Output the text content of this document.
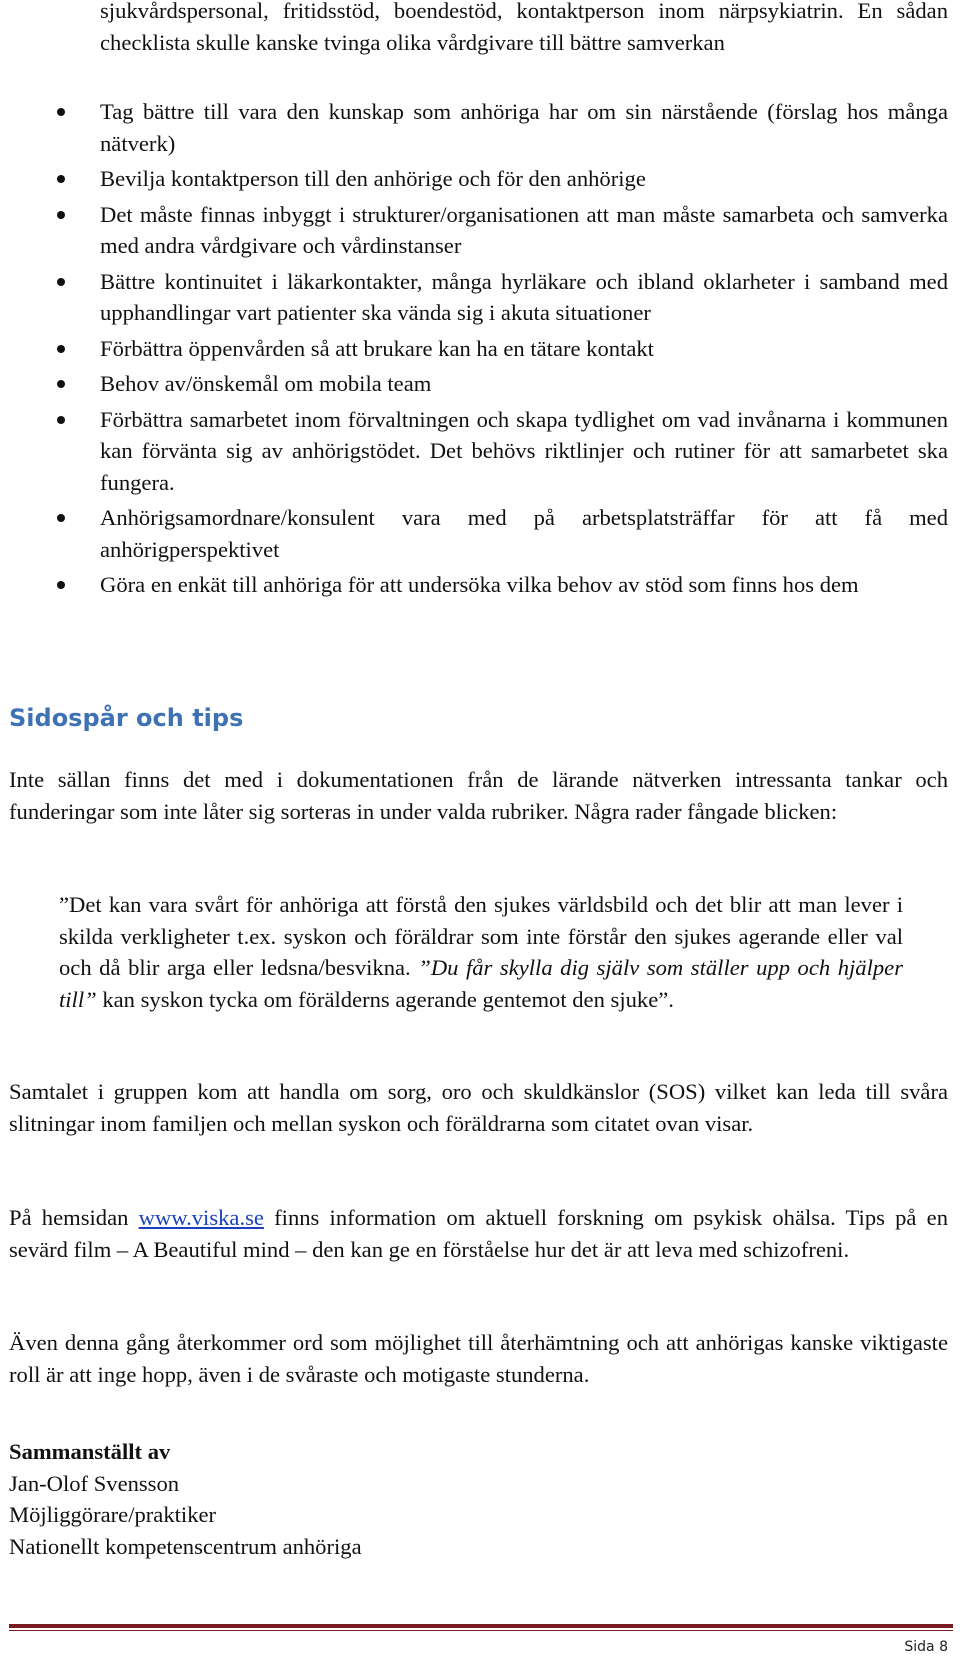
sjukvårdspersonal, fritidsstöd, boendestöd, kontaktperson inom närpsykiatrin. En sådan checklista skulle kanske tvinga olika vårdgivare till bättre samverkan

Tag bättre till vara den kunskap som anhöriga har om sin närstående (förslag hos många nätverk)
Bevilja kontaktperson till den anhörige och för den anhörige
Det måste finnas inbyggt i strukturer/organisationen att man måste samarbeta och samverka med andra vårdgivare och vårdinstanser
Bättre kontinuitet i läkarkontakter, många hyrläkare och ibland oklarheter i samband med upphandlingar vart patienter ska vända sig i akuta situationer
Förbättra öppenvården så att brukare kan ha en tätare kontakt
Behov av/önskemål om mobila team
Förbättra samarbetet inom förvaltningen och skapa tydlighet om vad invånarna i kommunen kan förvänta sig av anhörigstödet. Det behövs riktlinjer och rutiner för att samarbetet ska fungera.
Anhörigsamordnare/konsulent vara med på arbetsplatsträffar för att få med anhörigperspektivet
Göra en enkät till anhöriga för att undersöka vilka behov av stöd som finns hos dem
Sidospår och tips

Inte sällan finns det med i dokumentationen från de lärande nätverken intressanta tankar och funderingar som inte låter sig sorteras in under valda rubriker. Några rader fångade blicken:

”Det kan vara svårt för anhöriga att förstå den sjukes världsbild och det blir att man lever i skilda verkligheter t.ex. syskon och föräldrar som inte förstår den sjukes agerande eller val och då blir arga eller ledsna/besvikna. ”Du får skylla dig själv som ställer upp och hjälper till” kan syskon tycka om förälderns agerande gentemot den sjuke”.

Samtalet i gruppen kom att handla om sorg, oro och skuldkänslor (SOS) vilket kan leda till svåra slitningar inom familjen och mellan syskon och föräldrarna som citatet ovan visar.

På hemsidan www.viska.se finns information om aktuell forskning om psykisk ohälsa. Tips på en sevärd film – A Beautiful mind – den kan ge en förståelse hur det är att leva med schizofreni.

Även denna gång återkommer ord som möjlighet till återhämtning och att anhörigas kanske viktigaste roll är att inge hopp, även i de svåraste och motigaste stunderna.

Sammanställt av
Jan-Olof Svensson
Möjliggörare/praktiker
Nationellt kompetenscentrum anhöriga
Sida 8
